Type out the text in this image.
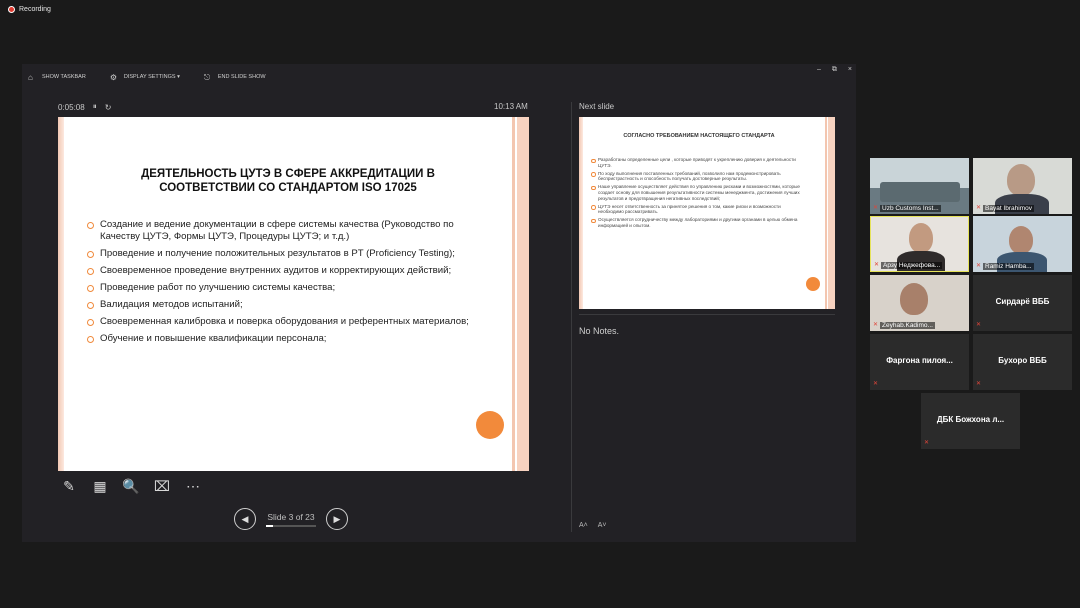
Recording
⌂	SHOW TASKBAR	⚙	DISPLAY SETTINGS ▾	⎋	END SLIDE SHOW
– ⧉ ×
0:05:08 ⏸ ↻	10:13 AM
ДЕЯТЕЛЬНОСТЬ ЦУТЭ В СФЕРЕ АККРЕДИТАЦИИ В СООТВЕТСТВИИ СО СТАНДАРТОМ ISO 17025
Создание и ведение документации в сфере системы качества (Руководство по Качеству ЦУТЭ, Формы ЦУТЭ, Процедуры ЦУТЭ; и т.д.)
Проведение и получение положительных результатов в PT (Proficiency Testing);
Своевременное проведение внутренних аудитов и корректирующих действий;
Проведение работ по улучшению системы качества;
Валидация методов испытаний;
Своевременная калибровка и поверка оборудования и референтных материалов;
Обучение и повышение квалификации персонала;
✎ ▦ 🔍 ⌧ ⋯
◀	Slide 3 of 23	▶
Next slide
СОГЛАСНО ТРЕБОВАНИЕМ НАСТОЯЩЕГО СТАНДАРТА
Разработаны определенные цели , которые приводят к укреплению доверия к деятельности ЦУТЭ.
По ходу выполнения поставленных требований, позволило нам продемонстрировать беспристрастность и способность получать достоверные результаты.
Наше управление осуществляет действия по управлению рисками и возможностями, которые создает основу для повышения результативности системы менеджмента, достижения лучших результатов и предотвращения негативных последствий;
ЦУТЭ несет ответственность за принятое решения о том, какие риски и возможности необходимо рассматривать.
Осуществляется сотрудничеству между лабораториями и другими органами в целью обмена информацией и опытом.
No Notes.
A˄ A˅
✕ Uzb Customs Inst...	✕ Bayat Ibrahimov
✕ Арзу Неджефова...	✕ Ramiz Hamba...
✕ Zeyhab.Kadimo...
Сирдарё ВББ
✕
Фаргона пилоя...
✕
Бухоро ВББ
✕
ДБК Божхона л...
✕
